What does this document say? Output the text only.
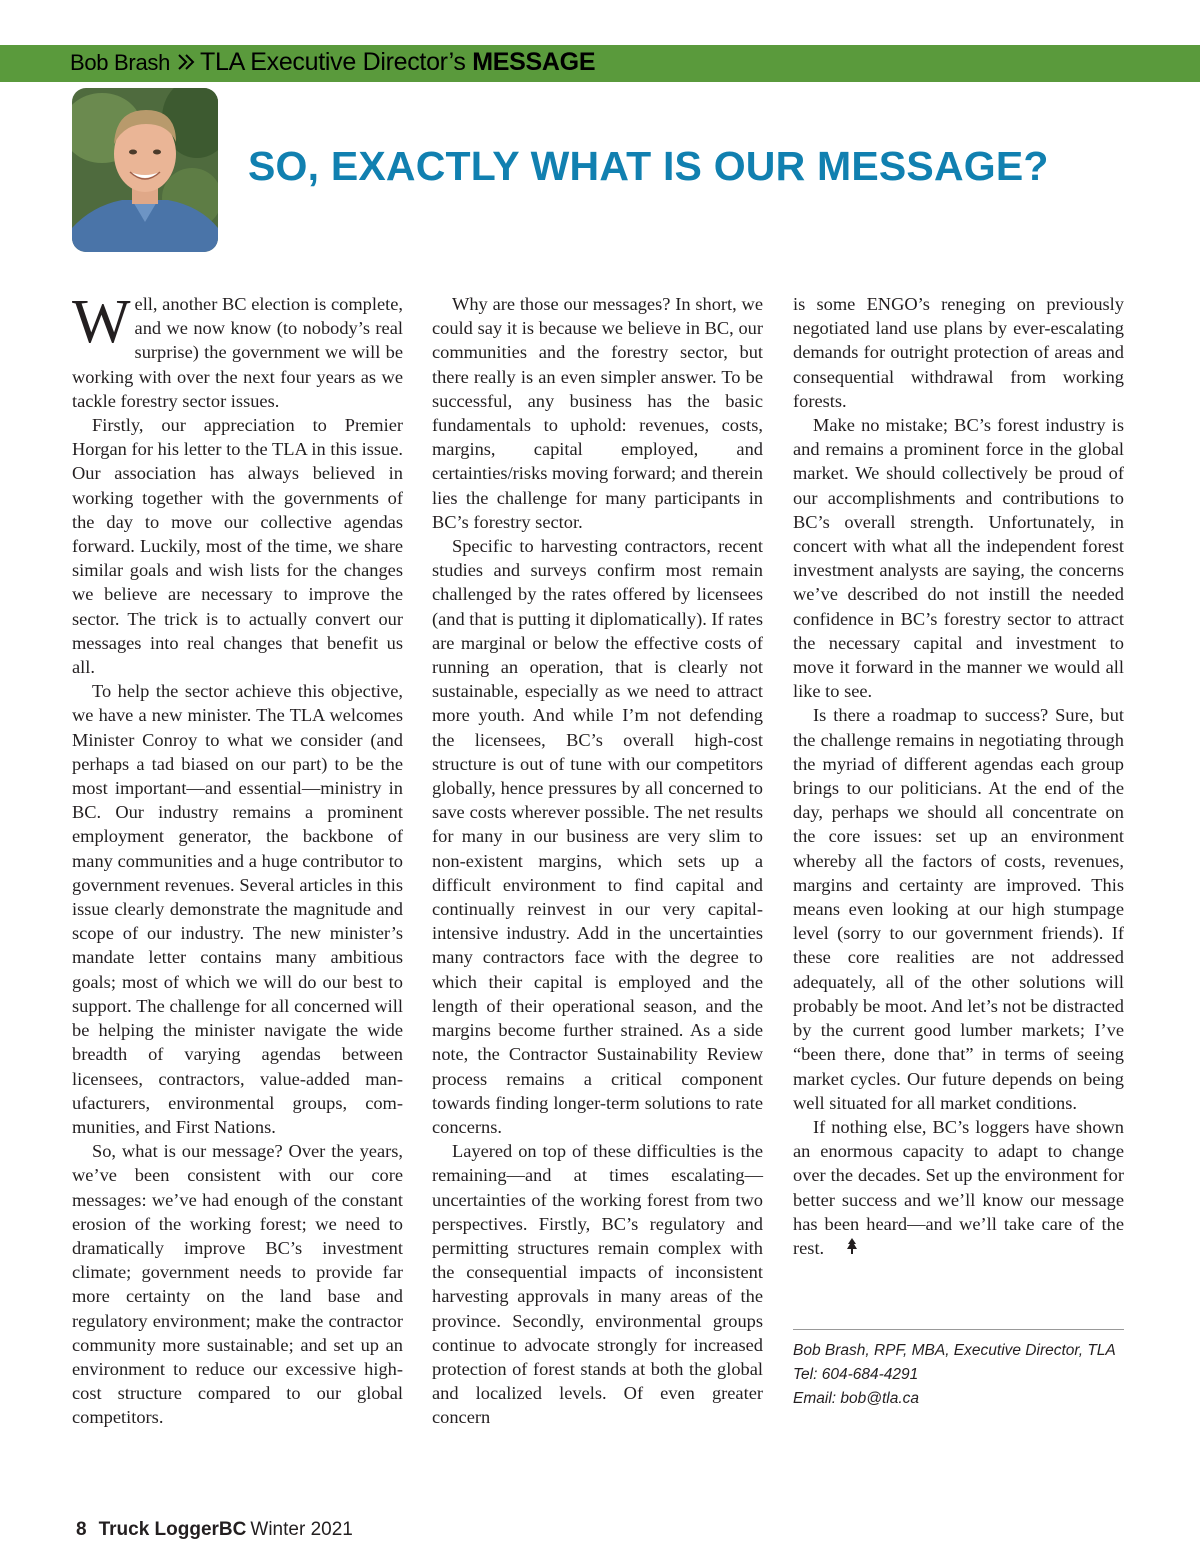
Bob Brash TLA Executive Director’s MESSAGE
SO, EXACTLY WHAT IS OUR MESSAGE?

Well, another BC election is complete, and we now know (to nobody’s real surprise) the government we will be working with over the next four years as we tackle forestry sector issues.

Firstly, our appreciation to Premier Horgan for his letter to the TLA in this issue. Our association has always believed in working together with the governments of the day to move our collective agendas forward. Luckily, most of the time, we share similar goals and wish lists for the changes we believe are necessary to improve the sector. The trick is to actually convert our messages into real changes that benefit us all.

To help the sector achieve this objective, we have a new minister. The TLA welcomes Minister Conroy to what we consider (and perhaps a tad biased on our part) to be the most important—and essential—ministry in BC. Our industry remains a prominent employment generator, the backbone of many communities and a huge contributor to government revenues. Several articles in this issue clearly demonstrate the magnitude and scope of our industry. The new minister’s mandate letter contains many ambitious goals; most of which we will do our best to support. The challenge for all concerned will be helping the minister navigate the wide breadth of varying agendas between licensees, contractors, value-added manufacturers, environmental groups, communities, and First Nations.

So, what is our message? Over the years, we’ve been consistent with our core messages: we’ve had enough of the constant erosion of the working forest; we need to dramatically improve BC’s investment climate; government needs to provide far more certainty on the land base and regulatory environment; make the contractor community more sustainable; and set up an environment to reduce our excessive high-cost structure compared to our global competitors.

Why are those our messages? In short, we could say it is because we believe in BC, our communities and the forestry sector, but there really is an even simpler answer. To be successful, any business has the basic fundamentals to uphold: revenues, costs, margins, capital employed, and certainties/risks moving forward; and therein lies the challenge for many participants in BC’s forestry sector.

Specific to harvesting contractors, recent studies and surveys confirm most remain challenged by the rates offered by licensees (and that is putting it diplomatically). If rates are marginal or below the effective costs of running an operation, that is clearly not sustainable, especially as we need to attract more youth. And while I’m not defending the licensees, BC’s overall high-cost structure is out of tune with our competitors globally, hence pressures by all concerned to save costs wherever possible. The net results for many in our business are very slim to non-existent margins, which sets up a difficult environment to find capital and continually reinvest in our very capital-intensive industry. Add in the uncertainties many contractors face with the degree to which their capital is employed and the length of their operational season, and the margins become further strained. As a side note, the Contractor Sustainability Review process remains a critical component towards finding longer-term solutions to rate concerns.

Layered on top of these difficulties is the remaining—and at times escalating—uncertainties of the working forest from two perspectives. Firstly, BC’s regulatory and permitting structures remain complex with the consequential impacts of inconsistent harvesting approvals in many areas of the province. Secondly, environmental groups continue to advocate strongly for increased protection of forest stands at both the global and localized levels. Of even greater concern

is some ENGO’s reneging on previously negotiated land use plans by ever-escalating demands for outright protection of areas and consequential withdrawal from working forests.

Make no mistake; BC’s forest industry is and remains a prominent force in the global market. We should collectively be proud of our accomplishments and contributions to BC’s overall strength. Unfortunately, in concert with what all the independent forest investment analysts are saying, the concerns we’ve described do not instill the needed confidence in BC’s forestry sector to attract the necessary capital and investment to move it forward in the manner we would all like to see.

Is there a roadmap to success? Sure, but the challenge remains in negotiating through the myriad of different agendas each group brings to our politicians. At the end of the day, perhaps we should all concentrate on the core issues: set up an environment whereby all the factors of costs, revenues, margins and certainty are improved. This means even looking at our high stumpage level (sorry to our government friends). If these core realities are not addressed adequately, all of the other solutions will probably be moot. And let’s not be distracted by the current good lumber markets; I’ve “been there, done that” in terms of seeing market cycles. Our future depends on being well situated for all market conditions.

If nothing else, BC’s loggers have shown an enormous capacity to adapt to change over the decades. Set up the environment for better success and we’ll know our message has been heard—and we’ll take care of the rest.

Bob Brash, RPF, MBA, Executive Director, TLA
Tel: 604-684-4291
Email: bob@tla.ca
8 Truck LoggerBC Winter 2021
